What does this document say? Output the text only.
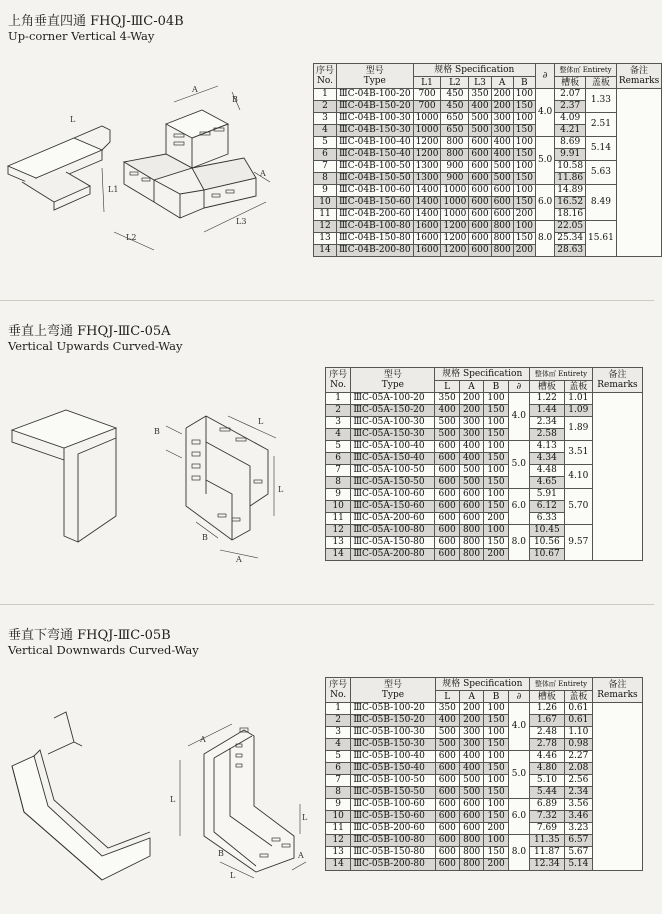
上角垂直四通 FHQJ-ⅢC-04B
Up-corner Vertical 4-Way
A
L1
L2
L3
B
A
L
序号
No.	型号
Type	规格 Specification					∂	整体㎡ Entirety		备注
Remarks
		L1	L2	L3	A	B		槽板	盖板	
1	ⅢC-04B-100-20	700	450	350	200	100	4.0	2.07	1.33	
2	ⅢC-04B-150-20	700	450	400	200	150		2.37		
3	ⅢC-04B-100-30	1000	650	500	300	100		4.09	2.51	
4	ⅢC-04B-150-30	1000	650	500	300	150		4.21		
5	ⅢC-04B-100-40	1200	800	600	400	100	5.0	8.69	5.14	
6	ⅢC-04B-150-40	1200	800	600	400	150		9.91		
7	ⅢC-04B-100-50	1300	900	600	500	100		10.58	5.63	
8	ⅢC-04B-150-50	1300	900	600	500	150		11.86		
9	ⅢC-04B-100-60	1400	1000	600	600	100	6.0	14.89	8.49	
10	ⅢC-04B-150-60	1400	1000	600	600	150		16.52		
11	ⅢC-04B-200-60	1400	1000	600	600	200		18.16		
12	ⅢC-04B-100-80	1600	1200	600	800	100	8.0	22.05	15.61	
13	ⅢC-04B-150-80	1600	1200	600	800	150		25.34		
14	ⅢC-04B-200-80	1600	1200	600	800	200		28.63		
垂直上弯通 FHQJ-ⅢC-05A
Vertical Upwards Curved-Way
L
B
L
B
A
序号
No.	型号
Type	规格 Specification				整体㎡ Entirety		备注
Remarks
		L	A	B	∂	槽板	盖板	
1	ⅢC-05A-100-20	350	200	100	4.0	1.22	1.01	
2	ⅢC-05A-150-20	400	200	150		1.44	1.09	
3	ⅢC-05A-100-30	500	300	100		2.34	1.89	
4	ⅢC-05A-150-30	500	300	150		2.58		
5	ⅢC-05A-100-40	600	400	100	5.0	4.13	3.51	
6	ⅢC-05A-150-40	600	400	150		4.34		
7	ⅢC-05A-100-50	600	500	100		4.48	4.10	
8	ⅢC-05A-150-50	600	500	150		4.65		
9	ⅢC-05A-100-60	600	600	100	6.0	5.91	5.70	
10	ⅢC-05A-150-60	600	600	150		6.12		
11	ⅢC-05A-200-60	600	600	200		6.33		
12	ⅢC-05A-100-80	600	800	100	8.0	10.45	9.57	
13	ⅢC-05A-150-80	600	800	150		10.56		
14	ⅢC-05A-200-80	600	800	200		10.67		
垂直下弯通 FHQJ-ⅢC-05B
Vertical Downwards Curved-Way
L
A
L
A
L
B
序号
No.	型号
Type	规格 Specification				整体㎡ Entirety		备注
Remarks
		L	A	B	∂	槽板	盖板	
1	ⅢC-05B-100-20	350	200	100	4.0	1.26	0.61	
2	ⅢC-05B-150-20	400	200	150		1.67	0.61	
3	ⅢC-05B-100-30	500	300	100		2.48	1.10	
4	ⅢC-05B-150-30	500	300	150		2.78	0.98	
5	ⅢC-05B-100-40	600	400	100	5.0	4.46	2.27	
6	ⅢC-05B-150-40	600	400	150		4.80	2.08	
7	ⅢC-05B-100-50	600	500	100		5.10	2.56	
8	ⅢC-05B-150-50	600	500	150		5.44	2.34	
9	ⅢC-05B-100-60	600	600	100	6.0	6.89	3.56	
10	ⅢC-05B-150-60	600	600	150		7.32	3.46	
11	ⅢC-05B-200-60	600	600	200		7.69	3.23	
12	ⅢC-05B-100-80	600	800	100	8.0	11.35	6.57	
13	ⅢC-05B-150-80	600	800	150		11.87	5.67	
14	ⅢC-05B-200-80	600	800	200		12.34	5.14	
